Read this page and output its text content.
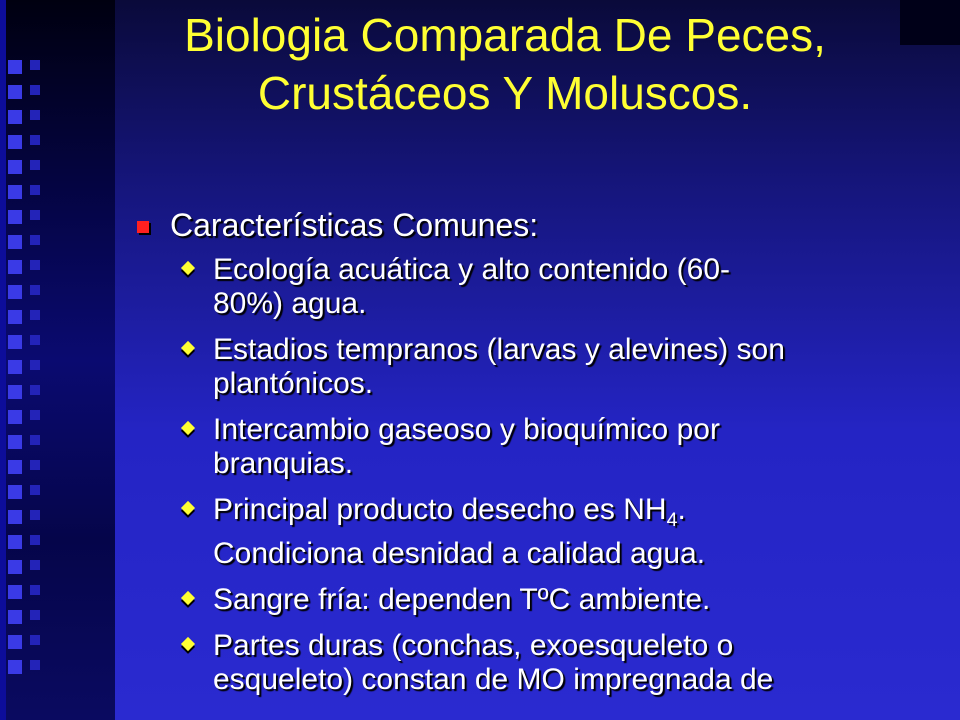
Biologia Comparada De Peces,
Crustáceos Y Moluscos.
Características Comunes:
Ecología acuática y alto contenido (60-
80%) agua.
Estadios tempranos (larvas y alevines) son
plantónicos.
Intercambio gaseoso y bioquímico por
branquias.
Principal producto desecho es $NH_4$.
Condiciona desnidad a calidad agua.
Sangre fría: dependen TºC ambiente.
Partes duras (conchas, exoesqueleto o
esqueleto) constan de MO impregnada de
